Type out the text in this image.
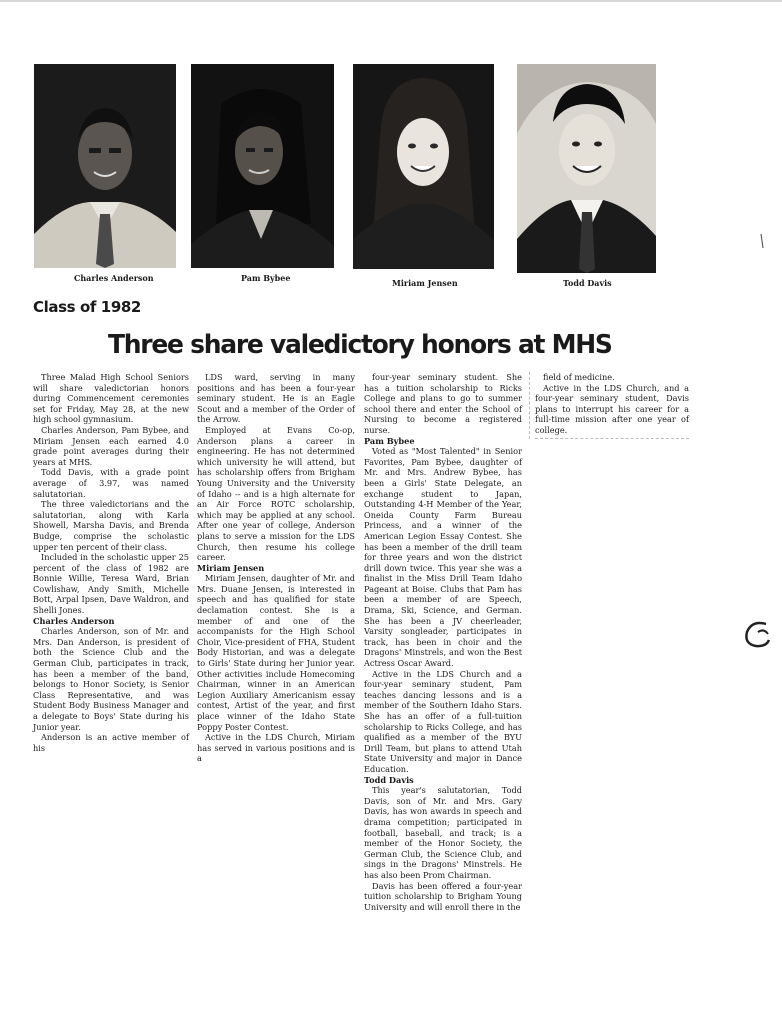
Charles Anderson	Pam Bybee	Miriam Jensen	Todd Davis
Class of 1982
Three share valedictory honors at MHS

Three Malad High School Seniors will share valedictorian honors during Commencement ceremonies set for Friday, May 28, at the new high school gymnasium.

Charles Anderson, Pam Bybee, and Miriam Jensen each earned 4.0 grade point averages during their years at MHS.

Todd Davis, with a grade point average of 3.97, was named salutatorian.

The three valedictorians and the salutatorian, along with Karla Showell, Marsha Davis, and Brenda Budge, comprise the scholastic upper ten percent of their class.

Included in the scholastic upper 25 percent of the class of 1982 are Bonnie Willie, Teresa Ward, Brian Cowlishaw, Andy Smith, Michelle Bott, Arpal Ipsen, Dave Waldron, and Shelli Jones.

Charles Anderson

Charles Anderson, son of Mr. and Mrs. Dan Anderson, is president of both the Science Club and the German Club, participates in track, has been a member of the band, belongs to Honor Society, is Senior Class Representative, and was Student Body Business Manager and a delegate to Boys' State during his Junior year.

Anderson is an active member of his

LDS ward, serving in many positions and has been a four-year seminary student. He is an Eagle Scout and a member of the Order of the Arrow.

Employed at Evans Co-op, Anderson plans a career in engineering. He has not determined which university he will attend, but has scholarship offers from Brigham Young University and the University of Idaho -- and is a high alternate for an Air Force ROTC scholarship, which may be applied at any school. After one year of college, Anderson plans to serve a mission for the LDS Church, then resume his college career.

Miriam Jensen

Miriam Jensen, daughter of Mr. and Mrs. Duane Jensen, is interested in speech and has qualified for state declamation contest. She is a member of and one of the accompanists for the High School Choir, Vice-president of FHA, Student Body Historian, and was a delegate to Girls' State during her Junior year. Other activities include Homecoming Chairman, winner in an American Legion Auxiliary Americanism essay contest, Artist of the year, and first place winner of the Idaho State Poppy Poster Contest.

Active in the LDS Church, Miriam has served in various positions and is a

four-year seminary student. She has a tuition scholarship to Ricks College and plans to go to summer school there and enter the School of Nursing to become a registered nurse.

Pam Bybee

Voted as "Most Talented" in Senior Favorites, Pam Bybee, daughter of Mr. and Mrs. Andrew Bybee, has been a Girls' State Delegate, an exchange student to Japan, Outstanding 4-H Member of the Year, Oneida County Farm Bureau Princess, and a winner of the American Legion Essay Contest. She has been a member of the drill team for three years and won the district drill down twice. This year she was a finalist in the Miss Drill Team Idaho Pageant at Boise. Clubs that Pam has been a member of are Speech, Drama, Ski, Science, and German. She has been a JV cheerleader, Varsity songleader, participates in track, has been in choir and the Dragons' Minstrels, and won the Best Actress Oscar Award.

Active in the LDS Church and a four-year seminary student, Pam teaches dancing lessons and is a member of the Southern Idaho Stars. She has an offer of a full-tuition scholarship to Ricks College, and has qualified as a member of the BYU Drill Team, but plans to attend Utah State University and major in Dance Education.

Todd Davis

This year's salutatorian, Todd Davis, son of Mr. and Mrs. Gary Davis, has won awards in speech and drama competition; participated in football, baseball, and track; is a member of the Honor Society, the German Club, the Science Club, and sings in the Dragons' Minstrels. He has also been Prom Chairman.

Davis has been offered a four-year tuition scholarship to Brigham Young University and will enroll there in the

field of medicine.

Active in the LDS Church, and a four-year seminary student, Davis plans to interrupt his career for a full-time mission after one year of college.
